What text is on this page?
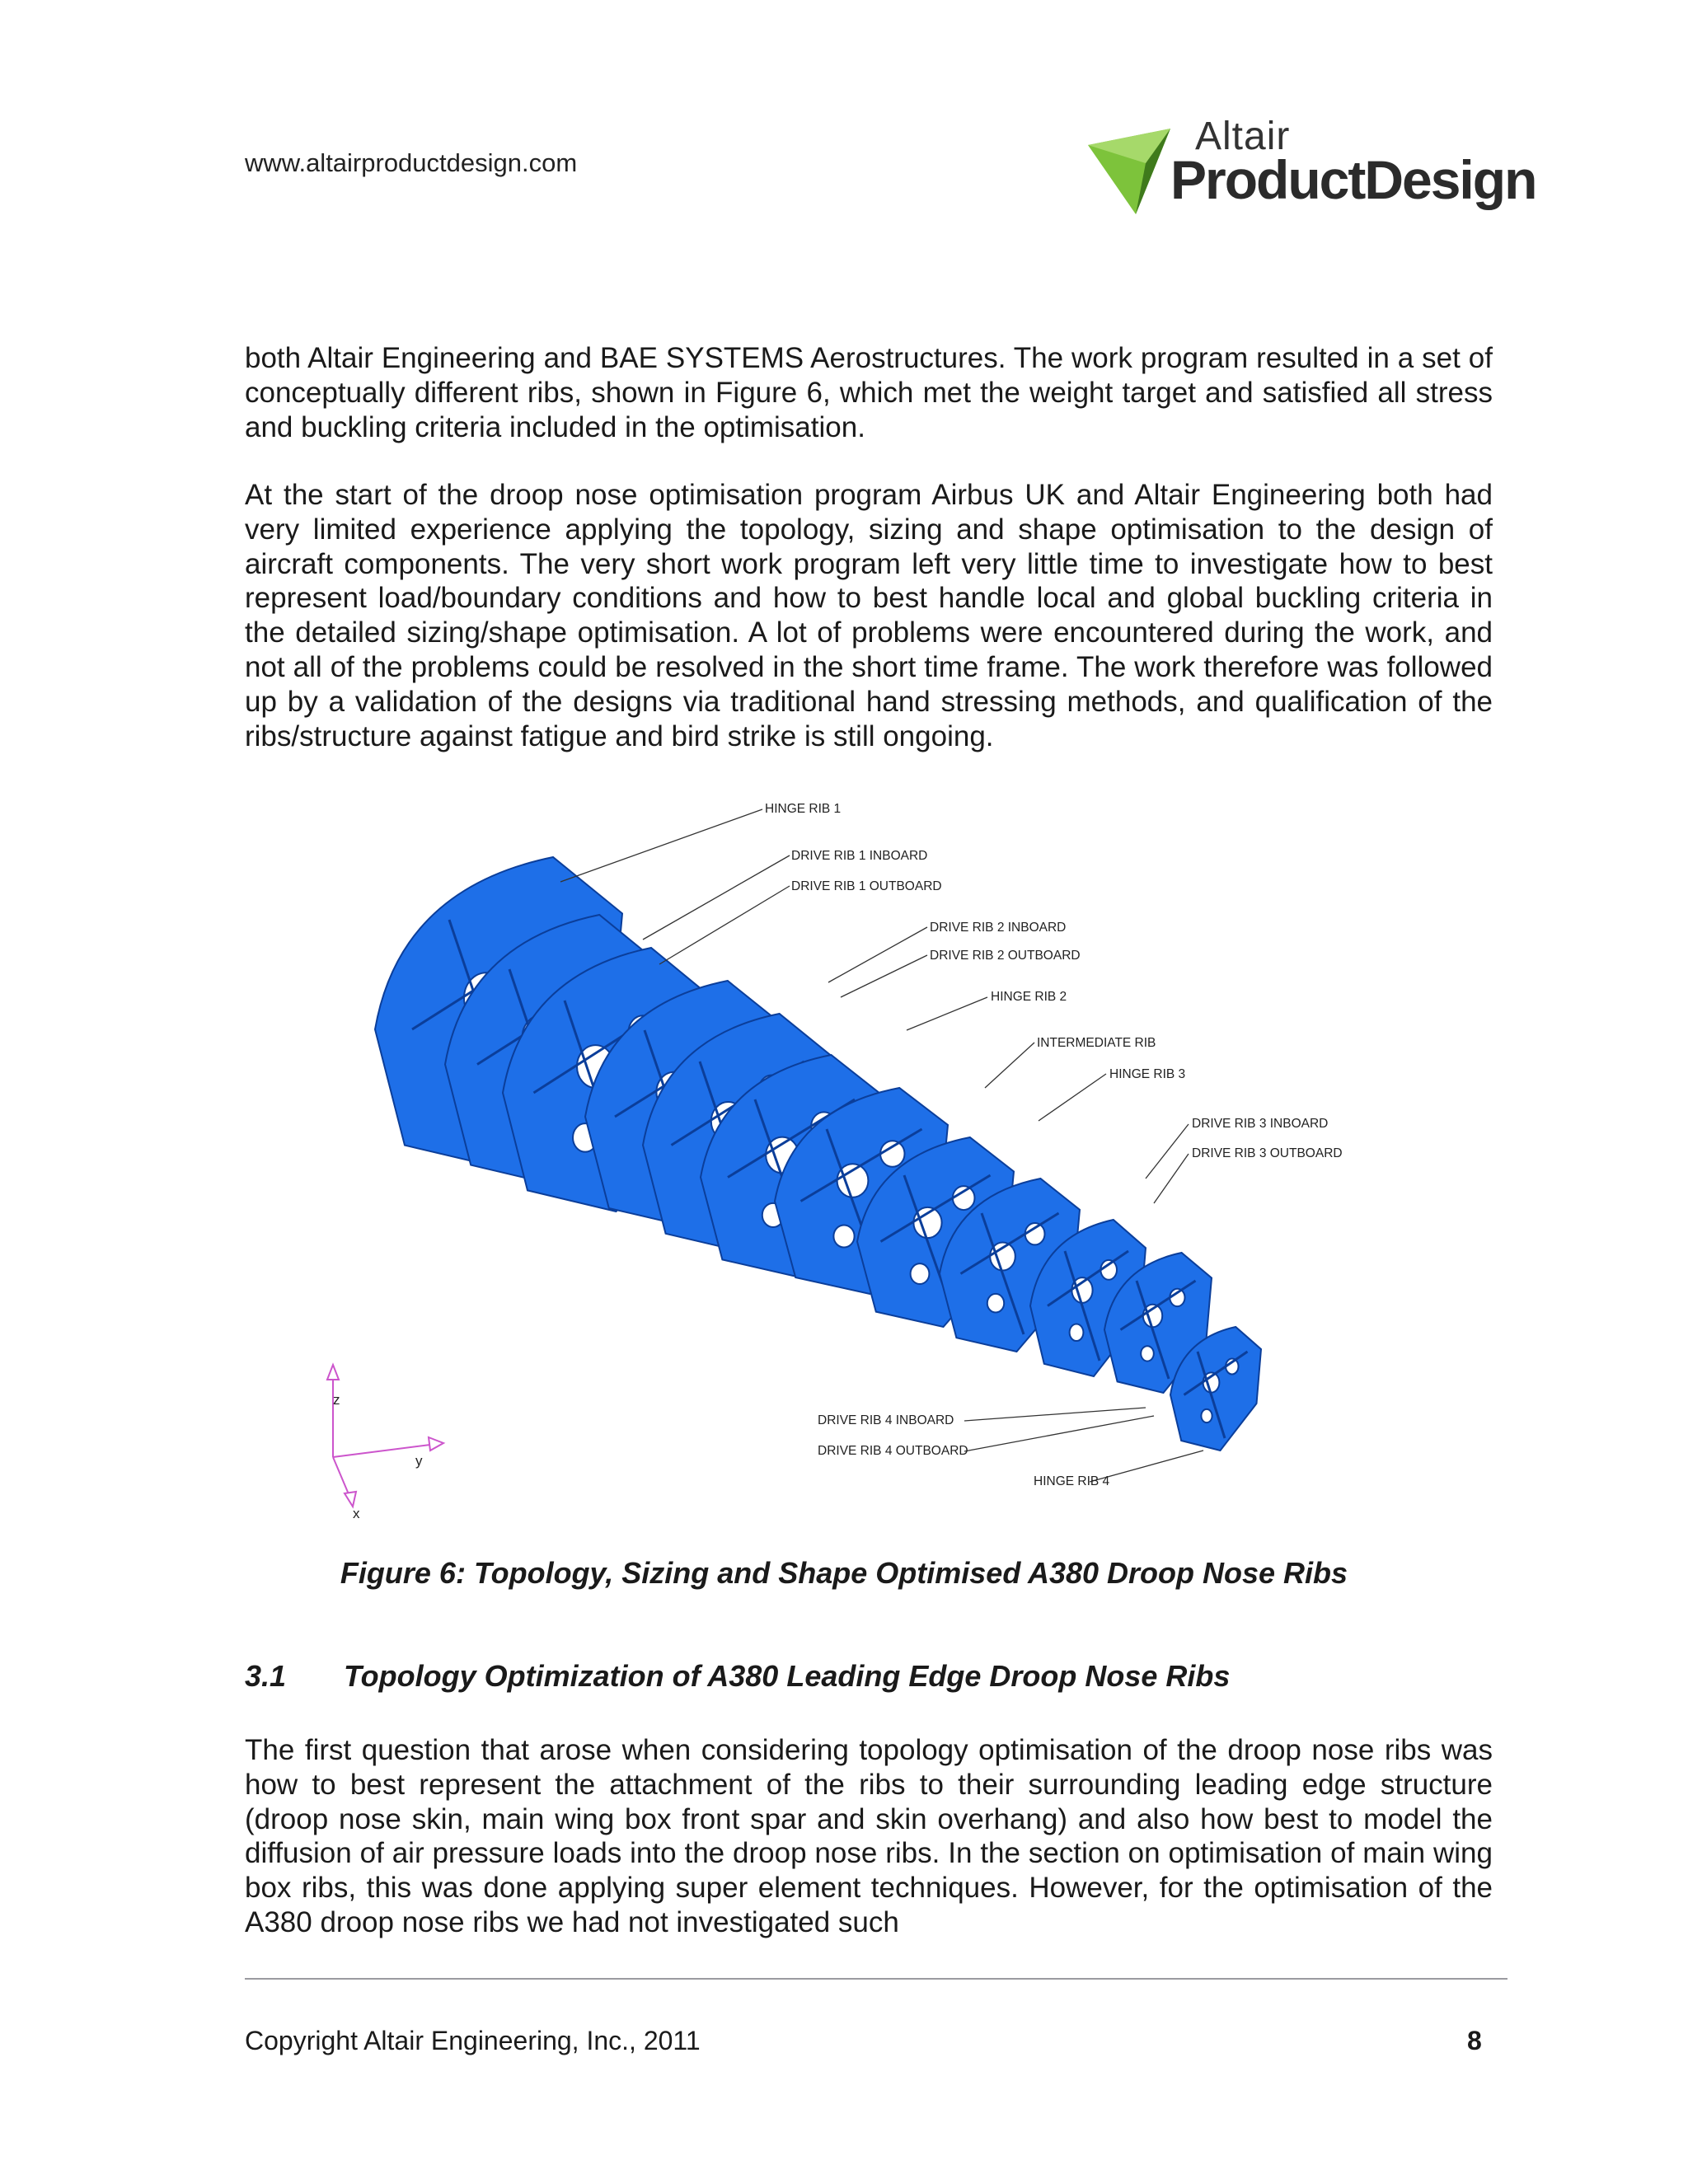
www.altairproductdesign.com
Altair
ProductDesign
both Altair Engineering and BAE SYSTEMS Aerostructures. The work program resulted in a set of conceptually different ribs, shown in Figure 6, which met the weight target and satisfied all stress and buckling criteria included in the optimisation.
At the start of the droop nose optimisation program Airbus UK and Altair Engineering both had very limited experience applying the topology, sizing and shape optimisation to the design of aircraft components. The very short work program left very little time to investigate how to best represent load/boundary conditions and how to best handle local and global buckling criteria in the detailed sizing/shape optimisation. A lot of problems were encountered during the work, and not all of the problems could be resolved in the short time frame. The work therefore was followed up by a validation of the designs via traditional hand stressing methods, and qualification of the ribs/structure against fatigue and bird strike is still ongoing.
HINGE RIB 1
DRIVE RIB 1 INBOARD
DRIVE RIB 1 OUTBOARD
DRIVE RIB 2 INBOARD
DRIVE RIB 2 OUTBOARD
HINGE RIB 2
INTERMEDIATE RIB
HINGE RIB 3
DRIVE RIB 3 INBOARD
DRIVE RIB 3 OUTBOARD
DRIVE RIB 4 INBOARD
DRIVE RIB 4 OUTBOARD
HINGE RIB 4
z
y
x
Figure 6: Topology, Sizing and Shape Optimised A380 Droop Nose Ribs
3.1 Topology Optimization of A380 Leading Edge Droop Nose Ribs
The first question that arose when considering topology optimisation of the droop nose ribs was how to best represent the attachment of the ribs to their surrounding leading edge structure (droop nose skin, main wing box front spar and skin overhang) and also how best to model the diffusion of air pressure loads into the droop nose ribs. In the section on optimisation of main wing box ribs, this was done applying super element techniques. However, for the optimisation of the A380 droop nose ribs we had not investigated such
Copyright Altair Engineering, Inc., 2011	8
